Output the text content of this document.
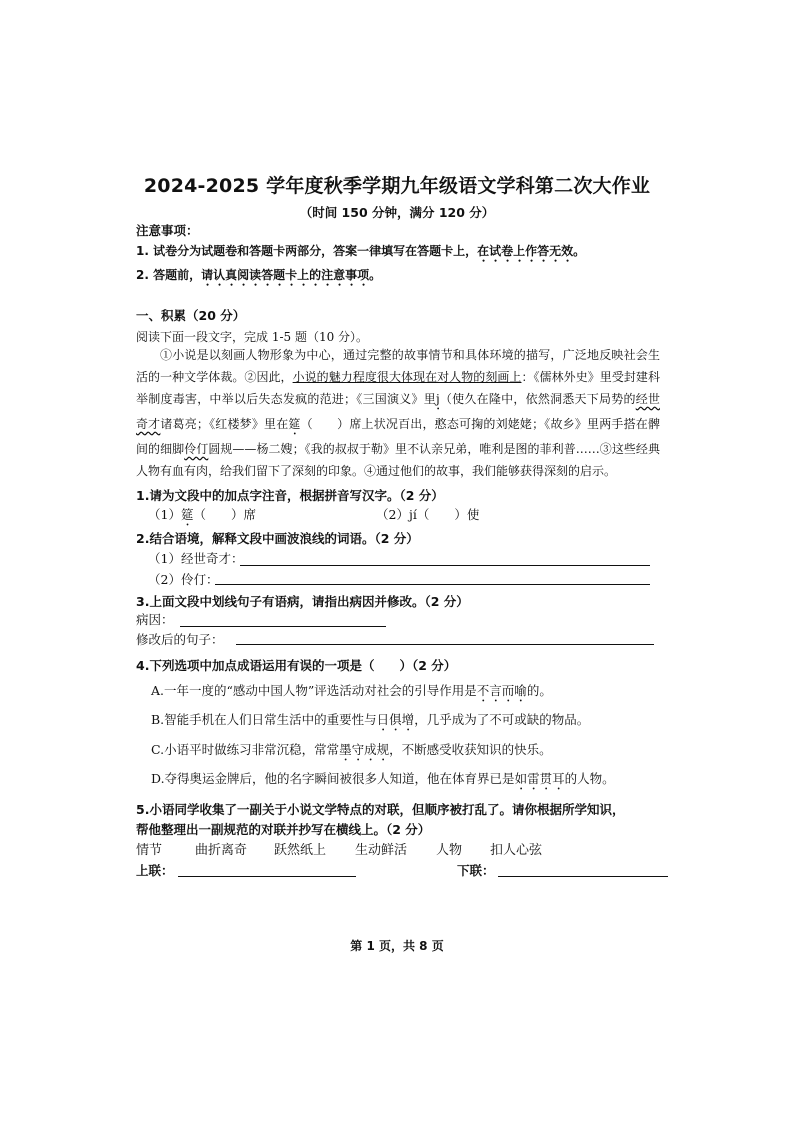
2024-2025 学年度秋季学期九年级语文学科第二次大作业
（时间 150 分钟，满分 120 分）
注意事项：
1. 试卷分为试题卷和答题卡两部分，答案一律填写在答题卡上，在试卷上作答无效。
2. 答题前，请认真阅读答题卡上的注意事项。
一、积累（20 分）
阅读下面一段文字，完成 1-5 题（10 分）。
①小说是以刻画人物形象为中心，通过完整的故事情节和具体环境的描写，广泛地反映社会生活的一种文学体裁。②因此，小说的魅力程度很大体现在对人物的刻画上：《儒林外史》里受封建科举制度毒害，中举以后失态发疯的范进；《三国演义》里j（使久在隆中，依然洞悉天下局势的经世奇才诸葛亮；《红楼梦》里在筵（　　）席上状况百出，憨态可掬的刘姥姥；《故乡》里两手搭在髀间的细脚伶仃圆规——杨二嫂；《我的叔叔于勒》里不认亲兄弟，唯利是图的菲利普……③这些经典人物有血有肉，给我们留下了深刻的印象。④通过他们的故事，我们能够获得深刻的启示。
1.请为文段中的加点字注音，根据拼音写汉字。（2 分）
（1）筵（　　）席	（2）jí（　　）使
2.结合语境，解释文段中画波浪线的词语。（2 分）
（1）经世奇才：
（2）伶仃：
3.上面文段中划线句子有语病，请指出病因并修改。（2 分）
病因：
修改后的句子：
4.下列选项中加点成语运用有误的一项是（　　）（2 分）
A.一年一度的“感动中国人物”评选活动对社会的引导作用是不言而喻的。
B.智能手机在人们日常生活中的重要性与日俱增，几乎成为了不可或缺的物品。
C.小语平时做练习非常沉稳，常常墨守成规，不断感受收获知识的快乐。
D.夺得奥运金牌后，他的名字瞬间被很多人知道，他在体育界已是如雷贯耳的人物。
5.小语同学收集了一副关于小说文学特点的对联，但顺序被打乱了。请你根据所学知识，
帮他整理出一副规范的对联并抄写在横线上。（2 分）
情节	曲折离奇 跃然纸上 生动鲜活 人物 扣人心弦
上联：	下联：
第 1 页，共 8 页
